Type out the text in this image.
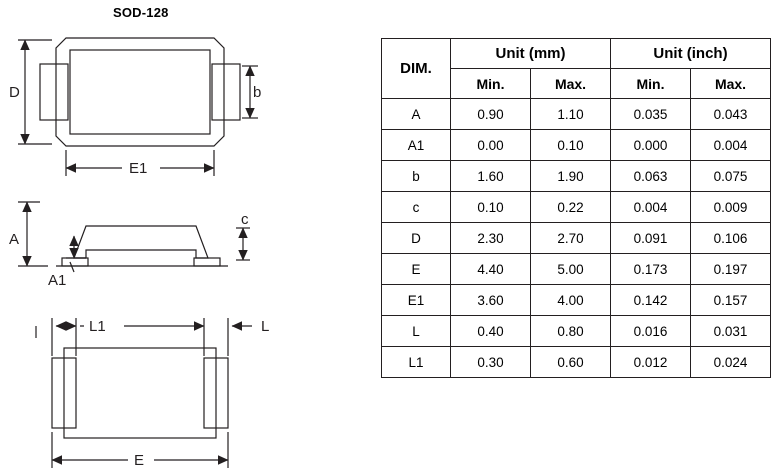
SOD-128
D	b
E1
A
A1
c
L1	L
E
DIM.	Unit (mm)		Unit (inch)	
	Min.	Max.	Min.	Max.
A	0.90	1.10	0.035	0.043
A1	0.00	0.10	0.000	0.004
b	1.60	1.90	0.063	0.075
c	0.10	0.22	0.004	0.009
D	2.30	2.70	0.091	0.106
E	4.40	5.00	0.173	0.197
E1	3.60	4.00	0.142	0.157
L	0.40	0.80	0.016	0.031
L1	0.30	0.60	0.012	0.024
